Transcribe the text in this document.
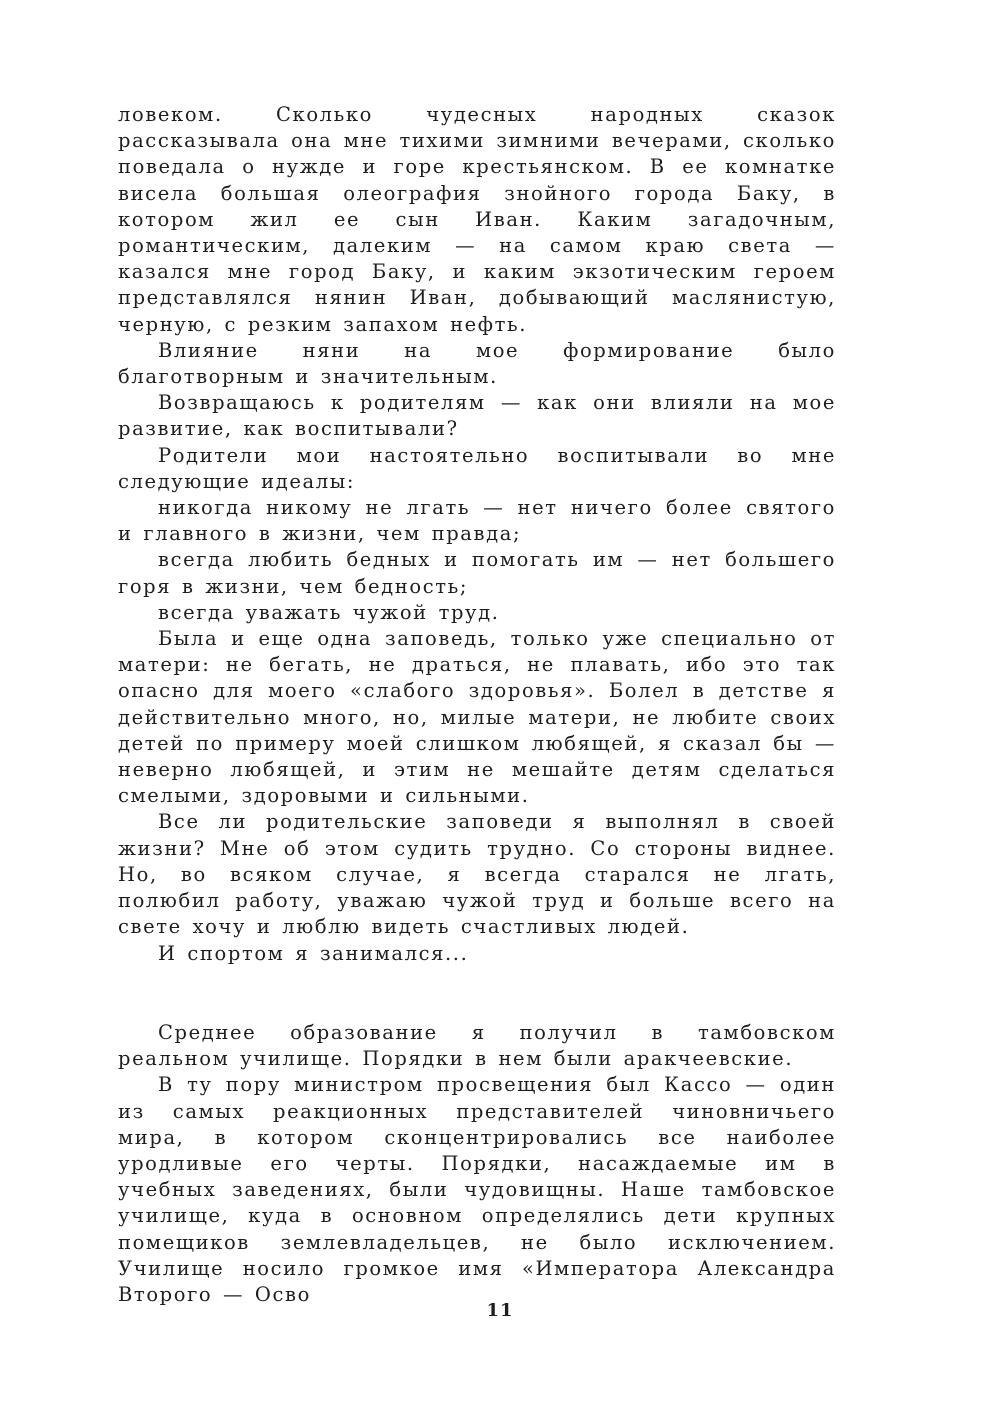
ловеком. Сколько чудесных народных сказок рассказывала она мне тихими зимними вечерами, сколько поведала о нужде и горе крестьянском. В ее комнатке висела большая олеография знойного города Баку, в котором жил ее сын Иван. Каким загадочным, романтическим, далеким — на самом краю света — казался мне город Баку, и каким экзотическим героем представлялся нянин Иван, добывающий маслянистую, черную, с резким запахом нефть.

Влияние няни на мое формирование было благотворным и значительным.

Возвращаюсь к родителям — как они влияли на мое развитие, как воспитывали?

Родители мои настоятельно воспитывали во мне следующие идеалы:

никогда никому не лгать — нет ничего более святого и главного в жизни, чем правда;

всегда любить бедных и помогать им — нет большего горя в жизни, чем бедность;

всегда уважать чужой труд.

Была и еще одна заповедь, только уже специально от матери: не бегать, не драться, не плавать, ибо это так опасно для моего «слабого здоровья». Болел в детстве я действительно много, но, милые матери, не любите своих детей по примеру моей слишком любящей, я сказал бы — неверно любящей, и этим не мешайте детям сделаться смелыми, здоровыми и сильными.

Все ли родительские заповеди я выполнял в своей жизни? Мне об этом судить трудно. Со стороны виднее. Но, во всяком случае, я всегда старался не лгать, полюбил работу, уважаю чужой труд и больше всего на свете хочу и люблю видеть счастливых людей.

И спортом я занимался...

Среднее образование я получил в тамбовском реальном училище. Порядки в нем были аракчеевские.

В ту пору министром просвещения был Кассо — один из самых реакционных представителей чиновничьего мира, в котором сконцентрировались все наиболее уродливые его черты. Порядки, насаждаемые им в учебных заведениях, были чудовищны. Наше тамбовское училище, куда в основном определялись дети крупных помещиков землевладельцев, не было исключением. Училище носило громкое имя «Императора Александра Второго — Осво

11
